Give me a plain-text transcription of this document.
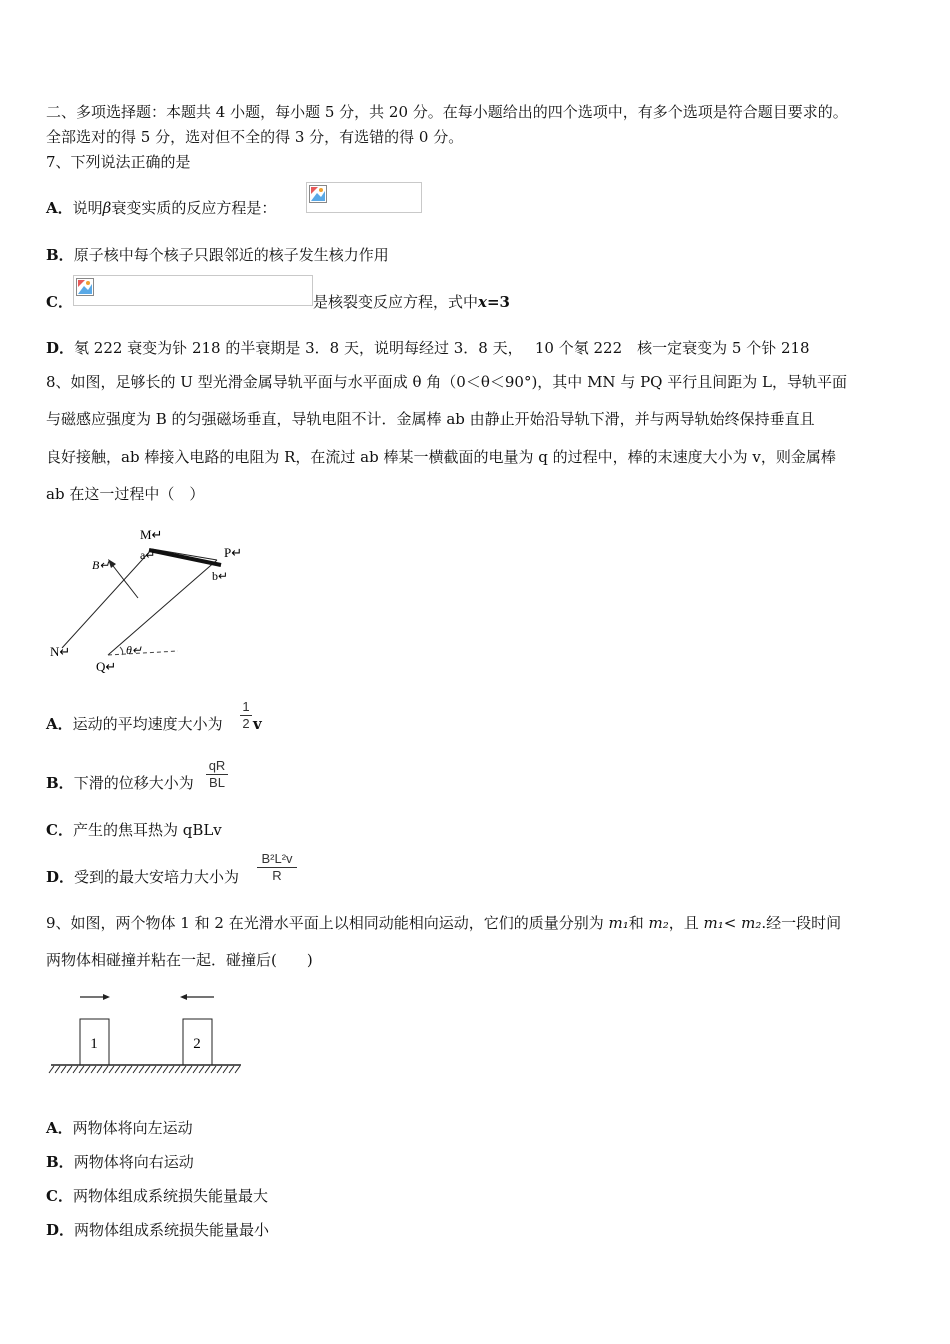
二、多项选择题：本题共 4 小题，每小题 5 分，共 20 分。在每小题给出的四个选项中，有多个选项是符合题目要求的。
全部选对的得 5 分，选对但不全的得 3 分，有选错的得 0 分。
7、下列说法正确的是
A．说明β衰变实质的反应方程是：
B．原子核中每个核子只跟邻近的核子发生核力作用
C．	是核裂变反应方程，式中x=3
D．氡 222 衰变为钋 218 的半衰期是 3．8 天，说明每经过 3．8 天，　 10 个氡 222　核一定衰变为 5 个钋 218
8、如图，足够长的 U 型光滑金属导轨平面与水平面成 θ 角（0＜θ＜90°)，其中 MN 与 PQ 平行且间距为 L，导轨平面
与磁感应强度为 B 的匀强磁场垂直，导轨电阻不计．金属棒 ab 由静止开始沿导轨下滑，并与两导轨始终保持垂直且
良好接触，ab 棒接入电路的电阻为 R，在流过 ab 棒某一横截面的电量为 q 的过程中，棒的末速度大小为 v，则金属棒
ab 在这一过程中（　）
M↵
P↵
a↵
b↵
B↵
N↵
Q↵
θ↵
A．运动的平均速度大小为
1
2 v
B．下滑的位移大小为
qR
BL
C．产生的焦耳热为 qBLv
D．受到的最大安培力大小为
B²L²v
R
9、如图，两个物体 1 和 2 在光滑水平面上以相同动能相向运动，它们的质量分别为 m₁和 m₂，且 m₁< m₂.经一段时间
两物体相碰撞并粘在一起．碰撞后(　　)
1	2
A．两物体将向左运动
B．两物体将向右运动
C．两物体组成系统损失能量最大
D．两物体组成系统损失能量最小
